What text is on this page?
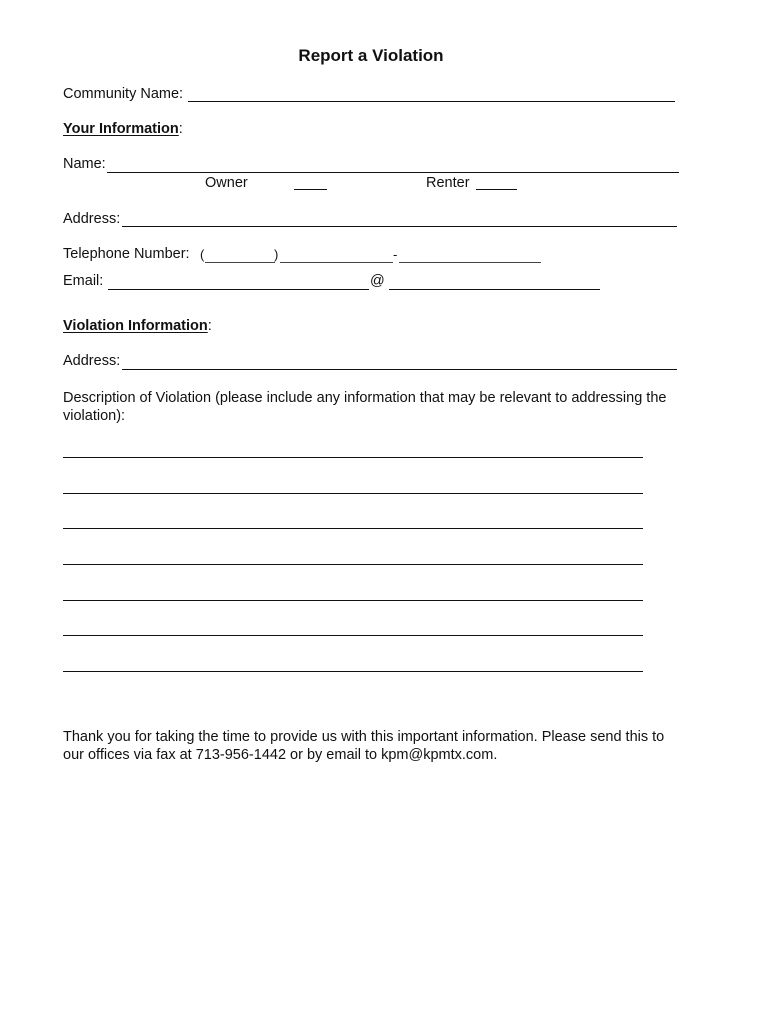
Report a Violation
Community Name:
Your Information:
Name:
Owner	Renter
Address:
Telephone Number: (	)	-
Email:	@
Violation Information:
Address:
Description of Violation (please include any information that may be relevant to addressing the violation):
Thank you for taking the time to provide us with this important information. Please send this to our offices via fax at 713-956-1442 or by email to kpm@kpmtx.com.
